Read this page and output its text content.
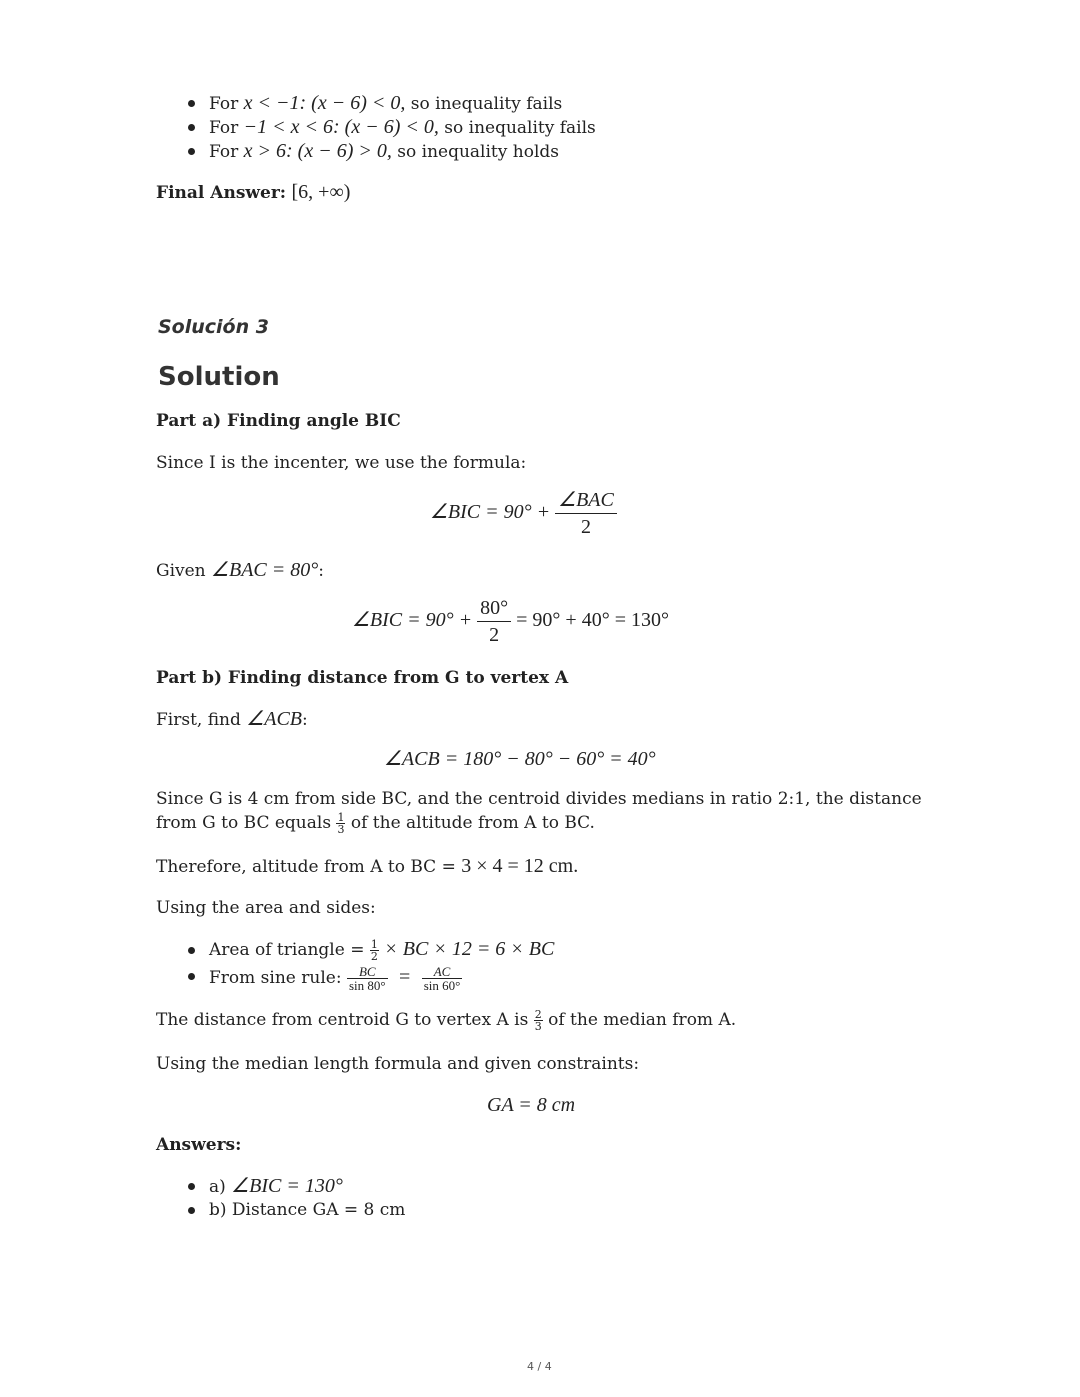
For x < −1: (x − 6) < 0, so inequality fails
For −1 < x < 6: (x − 6) < 0, so inequality fails
For x > 6: (x − 6) > 0, so inequality holds
Final Answer: [6, +∞)
Solución 3
Solution
Part a) Finding angle BIC
Since I is the incenter, we use the formula:
∠BIC = $90^\circ + \frac{\text{∠BAC}}{2}$
Given ∠BAC = 80°:
∠BIC = $90^\circ + \frac{80^\circ}{2} = 90^\circ + 40^\circ = 130^\circ$
Part b) Finding distance from G to vertex A
First, find ∠ACB:
∠ACB = 180° − 80° − 60° = 40°
Since G is 4 cm from side BC, and the centroid divides medians in ratio 2:1, the distance
from G to BC equals $\frac{1}{3}$ of the altitude from A to BC.
Therefore, altitude from A to BC = 3 × 4 = 12 cm.
Using the area and sides:
Area of triangle = $\frac{1}{2}$ × BC × 12 = 6 × BC
From sine rule: $\frac{BC}{\sin 80^\circ} = \frac{AC}{\sin 60^\circ}$
The distance from centroid G to vertex A is $\frac{2}{3}$ of the median from A.
Using the median length formula and given constraints:
GA = 8 cm
Answers:
a) ∠BIC = 130°
b) Distance GA = 8 cm
4 / 4
